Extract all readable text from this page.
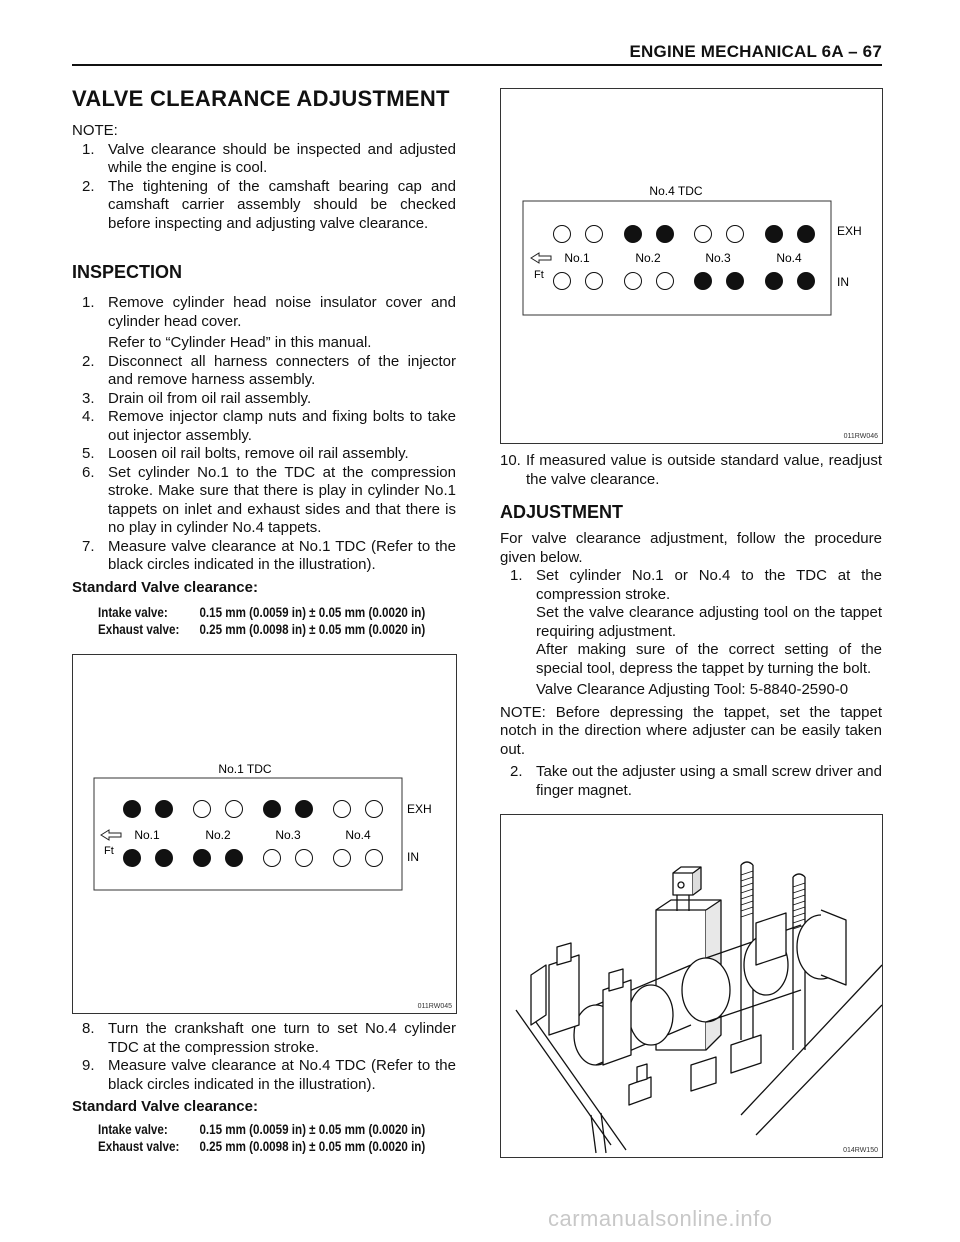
ENGINE MECHANICAL 6A – 67
VALVE CLEARANCE ADJUSTMENT
NOTE:
1. Valve clearance should be inspected and adjusted while the engine is cool.
2. The tightening of the camshaft bearing cap and camshaft carrier assembly should be checked before inspecting and adjusting valve clearance.
INSPECTION
1. Remove cylinder head noise insulator cover and cylinder head cover.
Refer to “Cylinder Head” in this manual.
2. Disconnect all harness connecters of the injector and remove harness assembly.
3. Drain oil from oil rail assembly.
4. Remove injector clamp nuts and fixing bolts to take out injector assembly.
5. Loosen oil rail bolts, remove oil rail assembly.
6. Set cylinder No.1 to the TDC at the compression stroke. Make sure that there is play in cylinder No.1 tappets on inlet and exhaust sides and that there is no play in cylinder No.4 tappets.
7. Measure valve clearance at No.1 TDC (Refer to the black circles indicated in the illustration).
Standard Valve clearance:
Intake valve:	0.15 mm (0.0059 in) ± 0.05 mm (0.0020 in)
Exhaust valve:	0.25 mm (0.0098 in) ± 0.05 mm (0.0020 in)
No.1 TDC
No.1	No.2	No.3	No.4
Ft
EXH
IN
011RW045
8. Turn the crankshaft one turn to set No.4 cylinder TDC at the compression stroke.
9. Measure valve clearance at No.4 TDC (Refer to the black circles indicated in the illustration).
Standard Valve clearance:
Intake valve:	0.15 mm (0.0059 in) ± 0.05 mm (0.0020 in)
Exhaust valve:	0.25 mm (0.0098 in) ± 0.05 mm (0.0020 in)
No.4 TDC
No.1	No.2	No.3	No.4
Ft
EXH
IN
011RW046
10. If measured value is outside standard value, readjust the valve clearance.
ADJUSTMENT
For valve clearance adjustment, follow the procedure given below.
1. Set cylinder No.1 or No.4 to the TDC at the compression stroke.
Set the valve clearance adjusting tool on the tappet requiring adjustment.
After making sure of the correct setting of the special tool, depress the tappet by turning the bolt.
Valve Clearance Adjusting Tool: 5-8840-2590-0
NOTE: Before depressing the tappet, set the tappet notch in the direction where adjuster can be easily taken out.
2. Take out the adjuster using a small screw driver and finger magnet.
014RW150
carmanualsonline.info
